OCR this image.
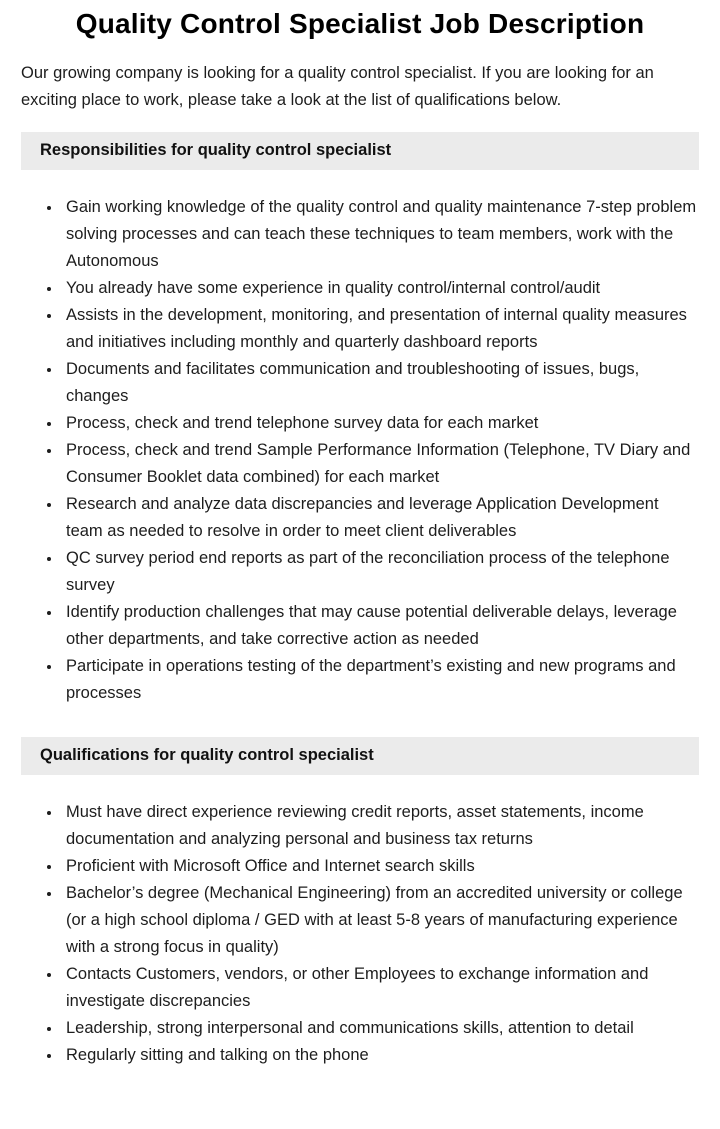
Quality Control Specialist Job Description

Our growing company is looking for a quality control specialist. If you are looking for an exciting place to work, please take a look at the list of qualifications below.

Responsibilities for quality control specialist
• Gain working knowledge of the quality control and quality maintenance 7-step problem solving processes and can teach these techniques to team members, work with the Autonomous
• You already have some experience in quality control/internal control/audit
• Assists in the development, monitoring, and presentation of internal quality measures and initiatives including monthly and quarterly dashboard reports
• Documents and facilitates communication and troubleshooting of issues, bugs, changes
• Process, check and trend telephone survey data for each market
• Process, check and trend Sample Performance Information (Telephone, TV Diary and Consumer Booklet data combined) for each market
• Research and analyze data discrepancies and leverage Application Development team as needed to resolve in order to meet client deliverables
• QC survey period end reports as part of the reconciliation process of the telephone survey
• Identify production challenges that may cause potential deliverable delays, leverage other departments, and take corrective action as needed
• Participate in operations testing of the department’s existing and new programs and processes
Qualifications for quality control specialist
• Must have direct experience reviewing credit reports, asset statements, income documentation and analyzing personal and business tax returns
• Proficient with Microsoft Office and Internet search skills
• Bachelor’s degree (Mechanical Engineering) from an accredited university or college (or a high school diploma / GED with at least 5-8 years of manufacturing experience with a strong focus in quality)
• Contacts Customers, vendors, or other Employees to exchange information and investigate discrepancies
• Leadership, strong interpersonal and communications skills, attention to detail
• Regularly sitting and talking on the phone
